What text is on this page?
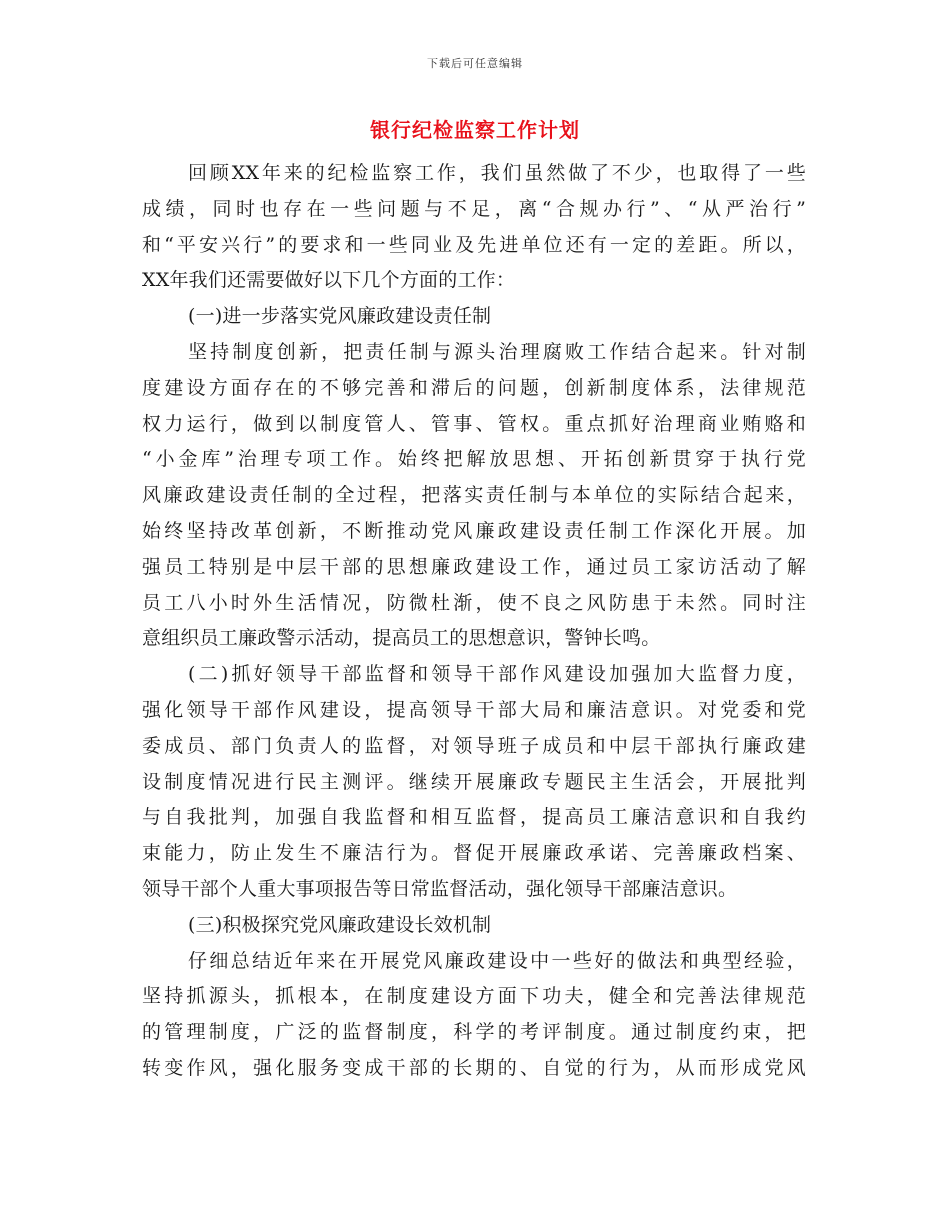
下载后可任意编辑
银行纪检监察工作计划
回顾XX年来的纪检监察工作，我们虽然做了不少，也取得了一些
成绩，同时也存在一些问题与不足，离“合规办行”、“从严治行”
和“平安兴行”的要求和一些同业及先进单位还有一定的差距。所以，
XX年我们还需要做好以下几个方面的工作：
(一)进一步落实党风廉政建设责任制
坚持制度创新，把责任制与源头治理腐败工作结合起来。针对制
度建设方面存在的不够完善和滞后的问题，创新制度体系，法律规范
权力运行，做到以制度管人、管事、管权。重点抓好治理商业贿赂和
“小金库”治理专项工作。始终把解放思想、开拓创新贯穿于执行党
风廉政建设责任制的全过程，把落实责任制与本单位的实际结合起来，
始终坚持改革创新，不断推动党风廉政建设责任制工作深化开展。加
强员工特别是中层干部的思想廉政建设工作，通过员工家访活动了解
员工八小时外生活情况，防微杜渐，使不良之风防患于未然。同时注
意组织员工廉政警示活动，提高员工的思想意识，警钟长鸣。
(二)抓好领导干部监督和领导干部作风建设加强加大监督力度，
强化领导干部作风建设，提高领导干部大局和廉洁意识。对党委和党
委成员、部门负责人的监督，对领导班子成员和中层干部执行廉政建
设制度情况进行民主测评。继续开展廉政专题民主生活会，开展批判
与自我批判，加强自我监督和相互监督，提高员工廉洁意识和自我约
束能力，防止发生不廉洁行为。督促开展廉政承诺、完善廉政档案、
领导干部个人重大事项报告等日常监督活动，强化领导干部廉洁意识。
(三)积极探究党风廉政建设长效机制
仔细总结近年来在开展党风廉政建设中一些好的做法和典型经验，
坚持抓源头，抓根本，在制度建设方面下功夫，健全和完善法律规范
的管理制度，广泛的监督制度，科学的考评制度。通过制度约束，把
转变作风，强化服务变成干部的长期的、自觉的行为，从而形成党风
